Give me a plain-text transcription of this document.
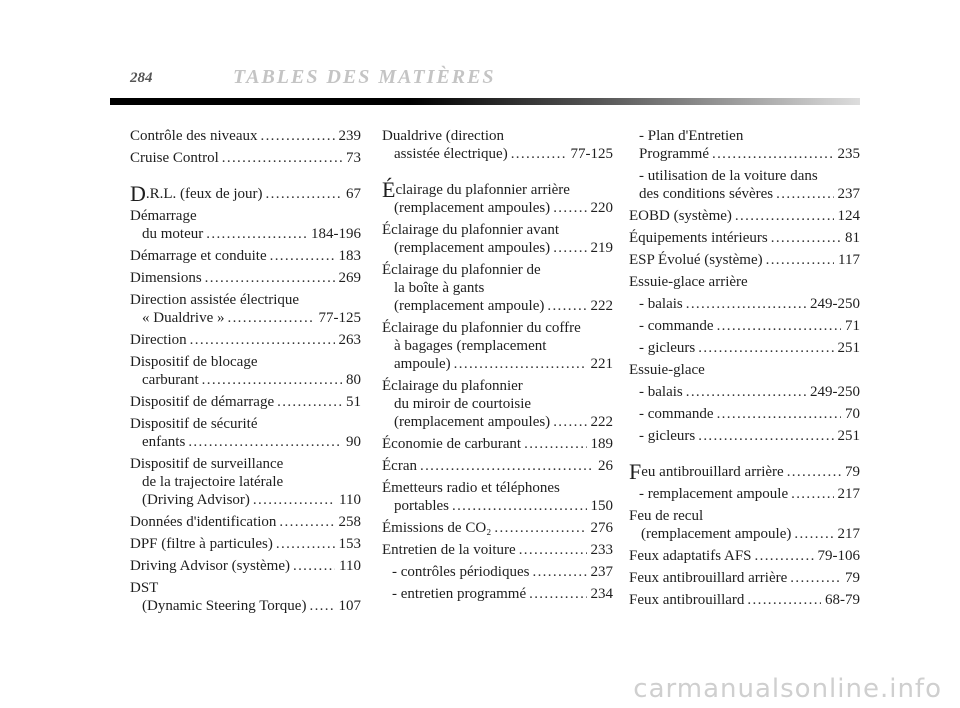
284	TABLES DES MATIÈRES
Contrôle des niveaux . . .	239
Cruise Control . . .	73
D .R.L. (feux de jour) . . .	67
Démarrage
du moteur . . .	184-196
Démarrage et conduite . . .	183
Dimensions . . .	269
Direction assistée électrique
« Dualdrive » . . .	77-125
Direction . . .	263
Dispositif de blocage
carburant . . .	80
Dispositif de démarrage . . .	51
Dispositif de sécurité
enfants . . .	90
Dispositif de surveillance
de la trajectoire latérale
(Driving Advisor) . . .	110
Données d'identification . . .	258
DPF (filtre à particules) . . .	153
Driving Advisor (système) . . .	110
DST
(Dynamic Steering Torque) . . . 107
Dualdrive (direction
assistée électrique) . . .	77-125
É clairage du plafonnier arrière
(remplacement ampoules) . . .	220
Éclairage du plafonnier avant
(remplacement ampoules) . . .	219
Éclairage du plafonnier de
la boîte à gants
(remplacement ampoule) . . .	222
Éclairage du plafonnier du coffre
à bagages (remplacement
ampoule) . . .	221
Éclairage du plafonnier
du miroir de courtoisie
(remplacement ampoules) . . .	222
Économie de carburant . . .	189
Écran . . .	26
Émetteurs radio et téléphones
portables . . .	150
Émissions de CO₂ . . .	276
Entretien de la voiture . . .	233
- contrôles périodiques . . .	237
- entretien programmé . . .	234
- Plan d'Entretien
Programmé . . .	235
- utilisation de la voiture dans
des conditions sévères . . .	237
EOBD (système) . . .	124
Équipements intérieurs . . .	81
ESP Évolué (système) . . .	117
Essuie-glace arrière
- balais . . .	249-250
- commande . . .	71
- gicleurs . . .	251
Essuie-glace
- balais . . .	249-250
- commande . . .	70
- gicleurs . . .	251
F eu antibrouillard arrière . . .	79
- remplacement ampoule . . .	217
Feu de recul
(remplacement ampoule) . . .	217
Feux adaptatifs AFS . . .	79-106
Feux antibrouillard arrière . . .	79
Feux antibrouillard . . .	68-79
carmanualsonline.info
